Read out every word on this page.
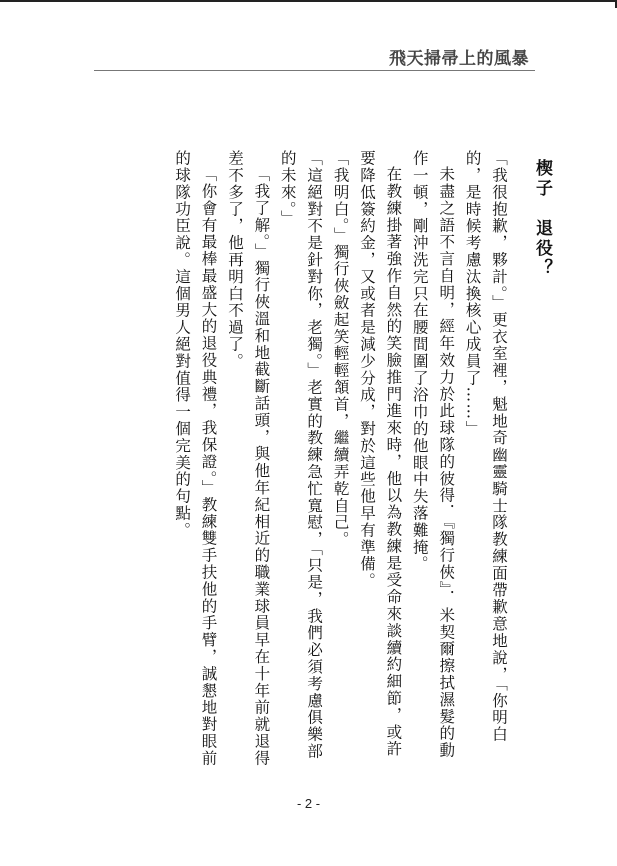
飛天掃帚上的風暴
楔子　退役？

「我很抱歉，夥計。」更衣室裡，魁地奇幽靈騎士隊教練面帶歉意地說，「你明白的，是時候考慮汰換核心成員了……」

未盡之語不言自明，經年效力於此球隊的彼得．『獨行俠』．米契爾擦拭濕髮的動作一頓，剛沖洗完只在腰間圍了浴巾的他眼中失落難掩。

在教練掛著強作自然的笑臉推門進來時，他以為教練是受命來談續約細節，或許要降低簽約金，又或者是減少分成，對於這些他早有準備。

「我明白。」獨行俠斂起笑輕輕頷首，繼續弄乾自己。

「這絕對不是針對你，老獨。」老實的教練急忙寬慰，「只是，我們必須考慮俱樂部的未來。」

「我了解。」獨行俠溫和地截斷話頭，與他年紀相近的職業球員早在十年前就退得差不多了，他再明白不過了。

「你會有最棒最盛大的退役典禮，我保證。」教練雙手扶他的手臂，誠懇地對眼前的球隊功臣說。這個男人絕對值得一個完美的句點。

- 2 -
